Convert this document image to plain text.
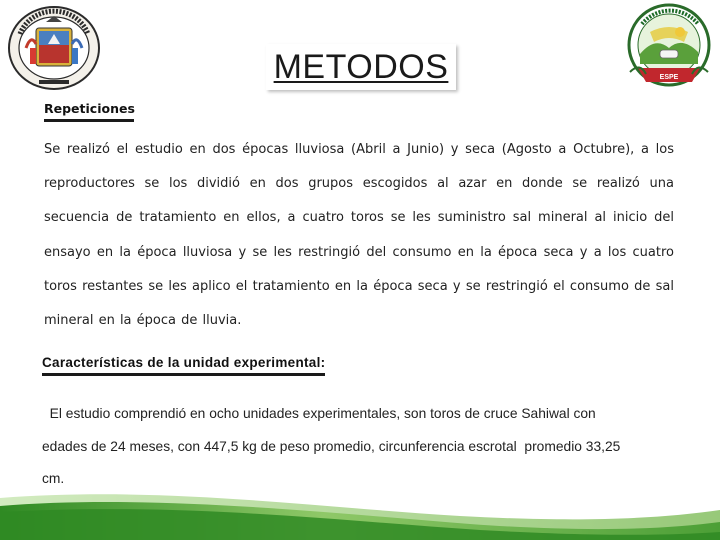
ESPE
METODOS
Repeticiones
Se realizó el estudio en dos épocas lluviosa (Abril a Junio) y seca (Agosto a Octubre), a los reproductores se los dividió en dos grupos escogidos al azar en donde se realizó una secuencia de tratamiento en ellos, a cuatro toros se les suministro sal mineral al inicio del ensayo en la época lluviosa y se les restringió del consumo en la época seca y a los cuatro toros restantes se les aplico el tratamiento en la época seca y se restringió el consumo de sal mineral en la época de lluvia.
Características de la unidad experimental:
El estudio comprendió en ocho unidades experimentales, son toros de cruce Sahiwal con
edades de 24 meses, con 447,5 kg de peso promedio, circunferencia escrotal  promedio 33,25
cm.
